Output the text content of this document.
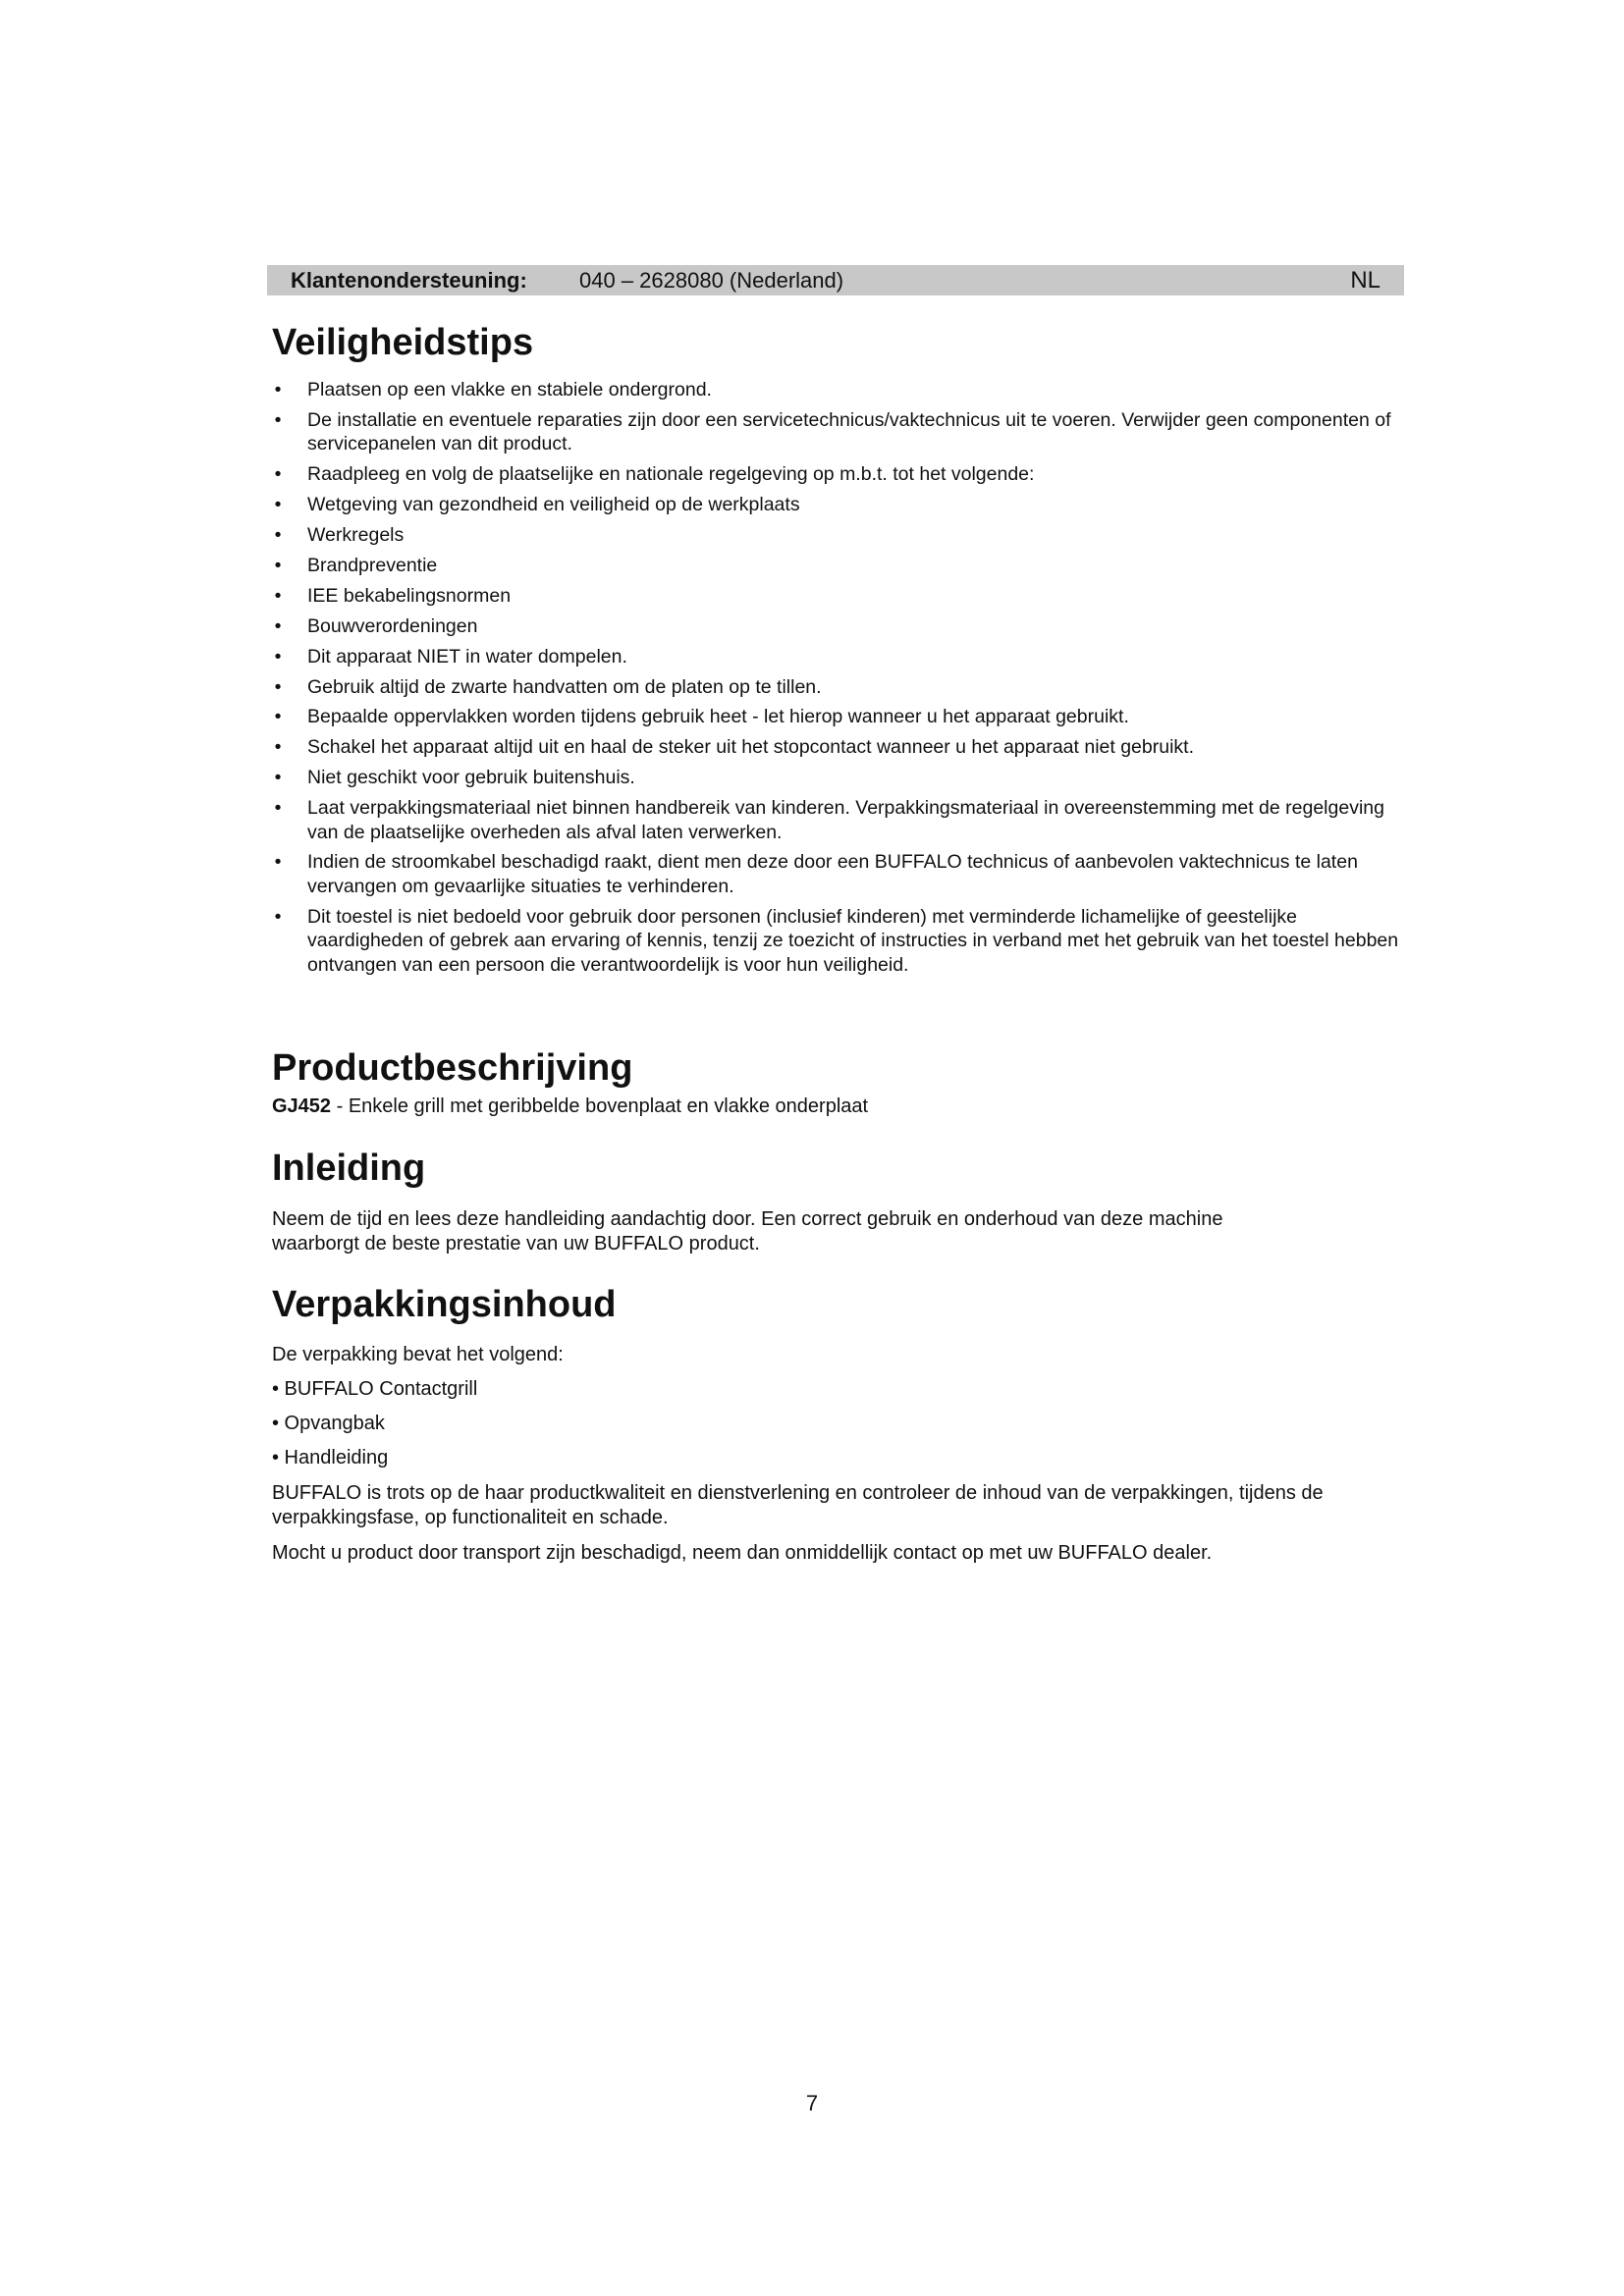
Klantenondersteuning: 040 – 2628080 (Nederland)	NL
Veiligheidstips
• Plaatsen op een vlakke en stabiele ondergrond.
• De installatie en eventuele reparaties zijn door een servicetechnicus/vaktechnicus uit te voeren. Verwijder geen componenten of servicepanelen van dit product.
• Raadpleeg en volg de plaatselijke en nationale regelgeving op m.b.t. tot het volgende:
• Wetgeving van gezondheid en veiligheid op de werkplaats
• Werkregels
• Brandpreventie
• IEE bekabelingsnormen
• Bouwverordeningen
• Dit apparaat NIET in water dompelen.
• Gebruik altijd de zwarte handvatten om de platen op te tillen.
• Bepaalde oppervlakken worden tijdens gebruik heet - let hierop wanneer u het apparaat gebruikt.
• Schakel het apparaat altijd uit en haal de steker uit het stopcontact wanneer u het apparaat niet gebruikt.
• Niet geschikt voor gebruik buitenshuis.
• Laat verpakkingsmateriaal niet binnen handbereik van kinderen. Verpakkingsmateriaal in overeenstemming met de regelgeving van de plaatselijke overheden als afval laten verwerken.
• Indien de stroomkabel beschadigd raakt, dient men deze door een BUFFALO technicus of aanbevolen vaktechnicus te laten vervangen om gevaarlijke situaties te verhinderen.
• Dit toestel is niet bedoeld voor gebruik door personen (inclusief kinderen) met verminderde lichamelijke of geestelijke vaardigheden of gebrek aan ervaring of kennis, tenzij ze toezicht of instructies in verband met het gebruik van het toestel hebben ontvangen van een persoon die verantwoordelijk is voor hun veiligheid.
Productbeschrijving
GJ452 - Enkele grill met geribbelde bovenplaat en vlakke onderplaat
Inleiding
Neem de tijd en lees deze handleiding aandachtig door. Een correct gebruik en onderhoud van deze machine waarborgt de beste prestatie van uw BUFFALO product.
Verpakkingsinhoud
De verpakking bevat het volgend:
• BUFFALO Contactgrill
• Opvangbak
• Handleiding
BUFFALO is trots op de haar productkwaliteit en dienstverlening en controleer de inhoud van de verpakkingen, tijdens de verpakkingsfase, op functionaliteit en schade.
Mocht u product door transport zijn beschadigd, neem dan onmiddellijk contact op met uw BUFFALO dealer.
7
